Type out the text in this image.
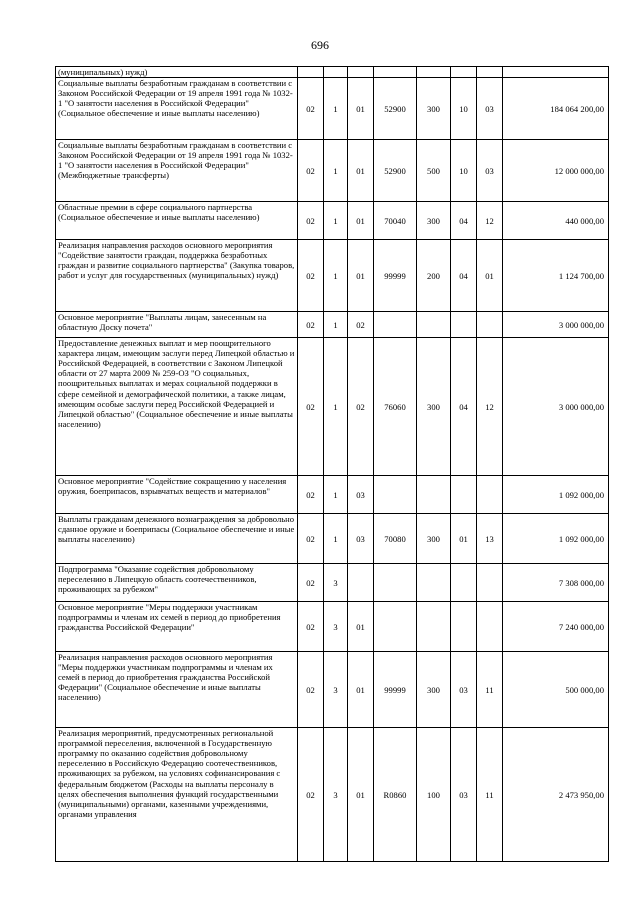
696
(муниципальных) нужд)								
Социальные выплаты безработным гражданам в соответствии с Законом Российской Федерации от 19 апреля 1991 года № 1032-1 "О занятости населения в Российской Федерации" (Социальное обеспечение и иные выплаты населению)	02	1	01	52900	300	10	03	184 064 200,00
Социальные выплаты безработным гражданам в соответствии с Законом Российской Федерации от 19 апреля 1991 года № 1032-1 "О занятости населения в Российской Федерации" (Межбюджетные трансферты)	02	1	01	52900	500	10	03	12 000 000,00
Областные премии в сфере социального партнерства (Социальное обеспечение и иные выплаты населению)	02	1	01	70040	300	04	12	440 000,00
Реализация направления расходов основного мероприятия "Содействие занятости граждан, поддержка безработных граждан и развитие социального партнерства" (Закупка товаров, работ и услуг для государственных (муниципальных) нужд)	02	1	01	99999	200	04	01	1 124 700,00
Основное мероприятие "Выплаты лицам, занесенным на областную Доску почета"	02	1	02					3 000 000,00
Предоставление денежных выплат и мер поощрительного характера лицам, имеющим заслуги перед Липецкой областью и Российской Федерацией, в соответствии с Законом Липецкой области от 27 марта 2009 № 259-ОЗ "О социальных, поощрительных выплатах и мерах социальной поддержки в сфере семейной и демографической политики, а также лицам, имеющим особые заслуги перед Российской Федерацией и Липецкой областью" (Социальное обеспечение и иные выплаты населению)	02	1	02	76060	300	04	12	3 000 000,00
Основное мероприятие "Содействие сокращению у населения оружия, боеприпасов, взрывчатых веществ и материалов"	02	1	03					1 092 000,00
Выплаты гражданам денежного вознаграждения за добровольно сданное оружие и боеприпасы (Социальное обеспечение и иные выплаты населению)	02	1	03	70080	300	01	13	1 092 000,00
Подпрограмма "Оказание содействия добровольному переселению в Липецкую область соотечественников, проживающих за рубежом"	02	3						7 308 000,00
Основное мероприятие "Меры поддержки участникам подпрограммы и членам их семей в период до приобретения гражданства Российской Федерации"	02	3	01					7 240 000,00
Реализация направления расходов основного мероприятия "Меры поддержки участникам подпрограммы и членам их семей в период до приобретения гражданства Российской Федерации" (Социальное обеспечение и иные выплаты населению)	02	3	01	99999	300	03	11	500 000,00
Реализация мероприятий, предусмотренных региональной программой переселения, включенной в Государственную программу по оказанию содействия добровольному переселению в Российскую Федерацию соотечественников, проживающих за рубежом, на условиях софинансирования с федеральным бюджетом (Расходы на выплаты персоналу в целях обеспечения выполнения функций государственными (муниципальными) органами, казенными учреждениями, органами управления	02	3	01	R0860	100	03	11	2 473 950,00
